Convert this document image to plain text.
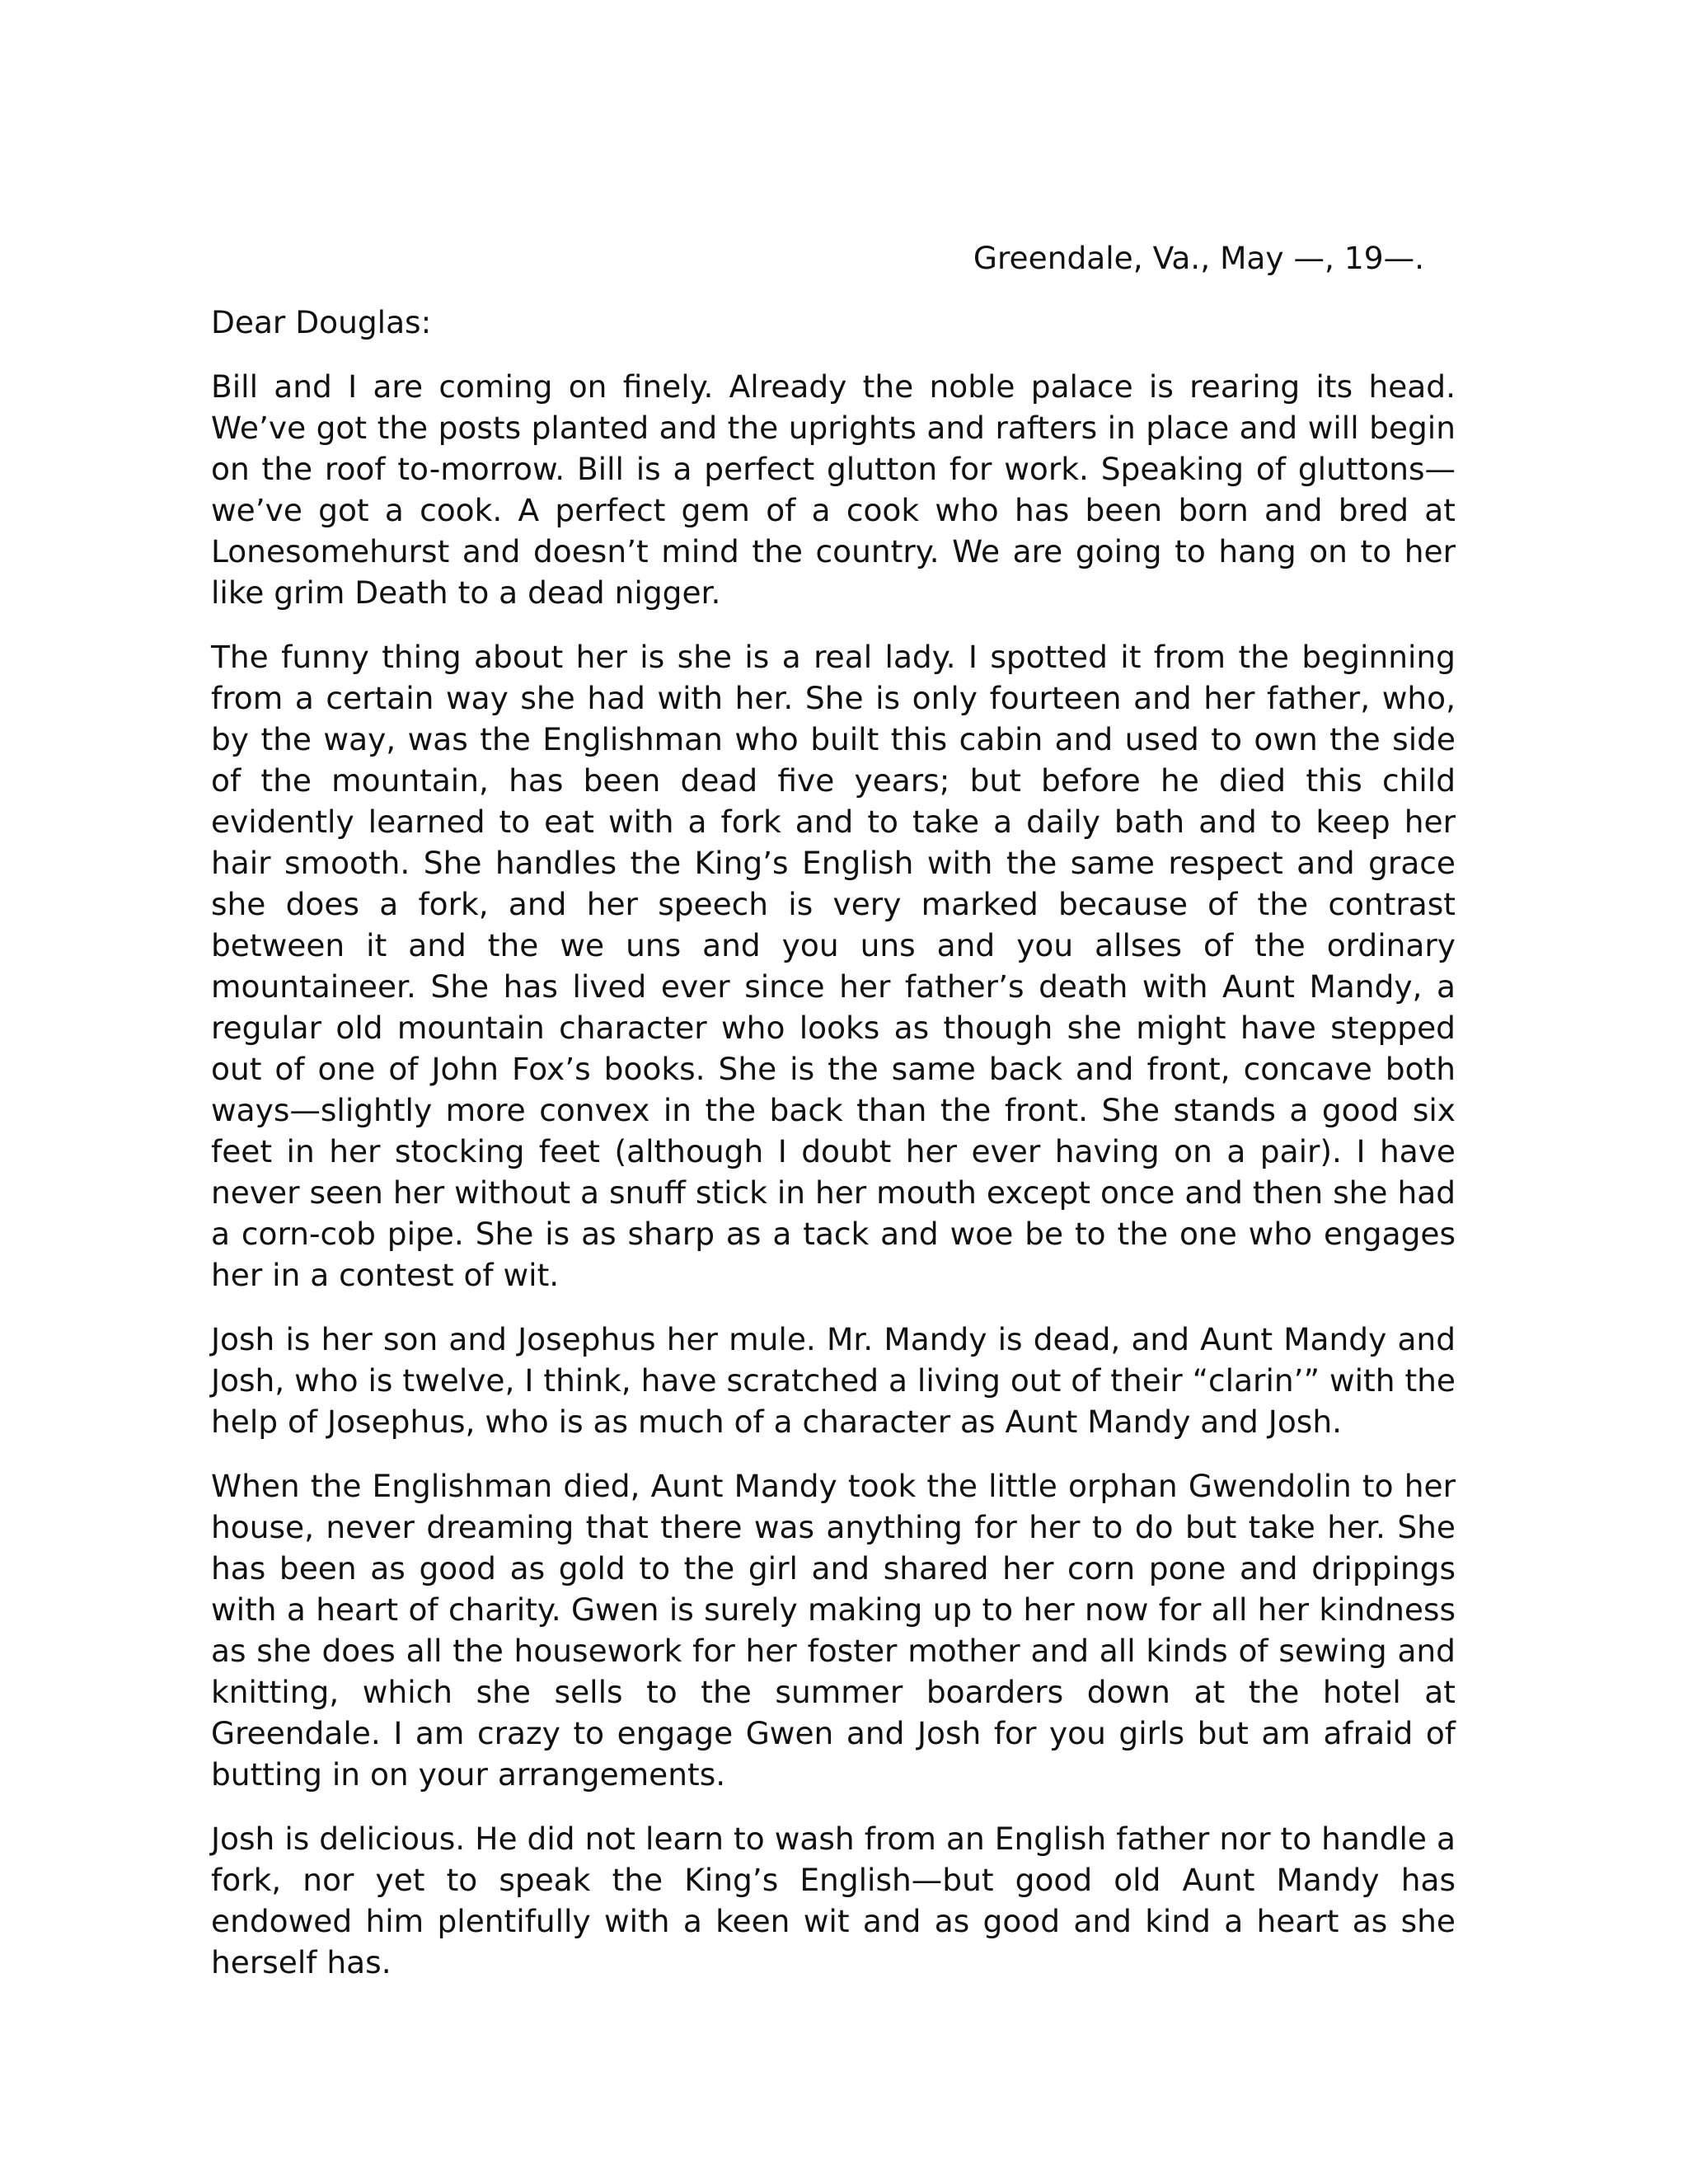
Greendale, Va., May —, 19—.
Dear Douglas:

Bill and I are coming on finely. Already the noble palace is rearing its head. We’ve got the posts planted and the uprights and rafters in place and will begin on the roof to-morrow. Bill is a perfect glutton for work. Speaking of gluttons—we’ve got a cook. A perfect gem of a cook who has been born and bred at Lonesomehurst and doesn’t mind the country. We are going to hang on to her like grim Death to a dead nigger.

The funny thing about her is she is a real lady. I spotted it from the beginning from a certain way she had with her. She is only fourteen and her father, who, by the way, was the Englishman who built this cabin and used to own the side of the mountain, has been dead five years; but before he died this child evidently learned to eat with a fork and to take a daily bath and to keep her hair smooth. She handles the King’s English with the same respect and grace she does a fork, and her speech is very marked because of the contrast between it and the we uns and you uns and you allses of the ordinary mountaineer. She has lived ever since her father’s death with Aunt Mandy, a regular old mountain character who looks as though she might have stepped out of one of John Fox’s books. She is the same back and front, concave both ways—slightly more convex in the back than the front. She stands a good six feet in her stocking feet (although I doubt her ever having on a pair). I have never seen her without a snuff stick in her mouth except once and then she had a corn-cob pipe. She is as sharp as a tack and woe be to the one who engages her in a contest of wit.

Josh is her son and Josephus her mule. Mr. Mandy is dead, and Aunt Mandy and Josh, who is twelve, I think, have scratched a living out of their “clarin’” with the help of Josephus, who is as much of a character as Aunt Mandy and Josh.

When the Englishman died, Aunt Mandy took the little orphan Gwendolin to her house, never dreaming that there was anything for her to do but take her. She has been as good as gold to the girl and shared her corn pone and drippings with a heart of charity. Gwen is surely making up to her now for all her kindness as she does all the housework for her foster mother and all kinds of sewing and knitting, which she sells to the summer boarders down at the hotel at Greendale. I am crazy to engage Gwen and Josh for you girls but am afraid of butting in on your arrangements.

Josh is delicious. He did not learn to wash from an English father nor to handle a fork, nor yet to speak the King’s English—but good old Aunt Mandy has endowed him plentifully with a keen wit and as good and kind a heart as she herself has.
